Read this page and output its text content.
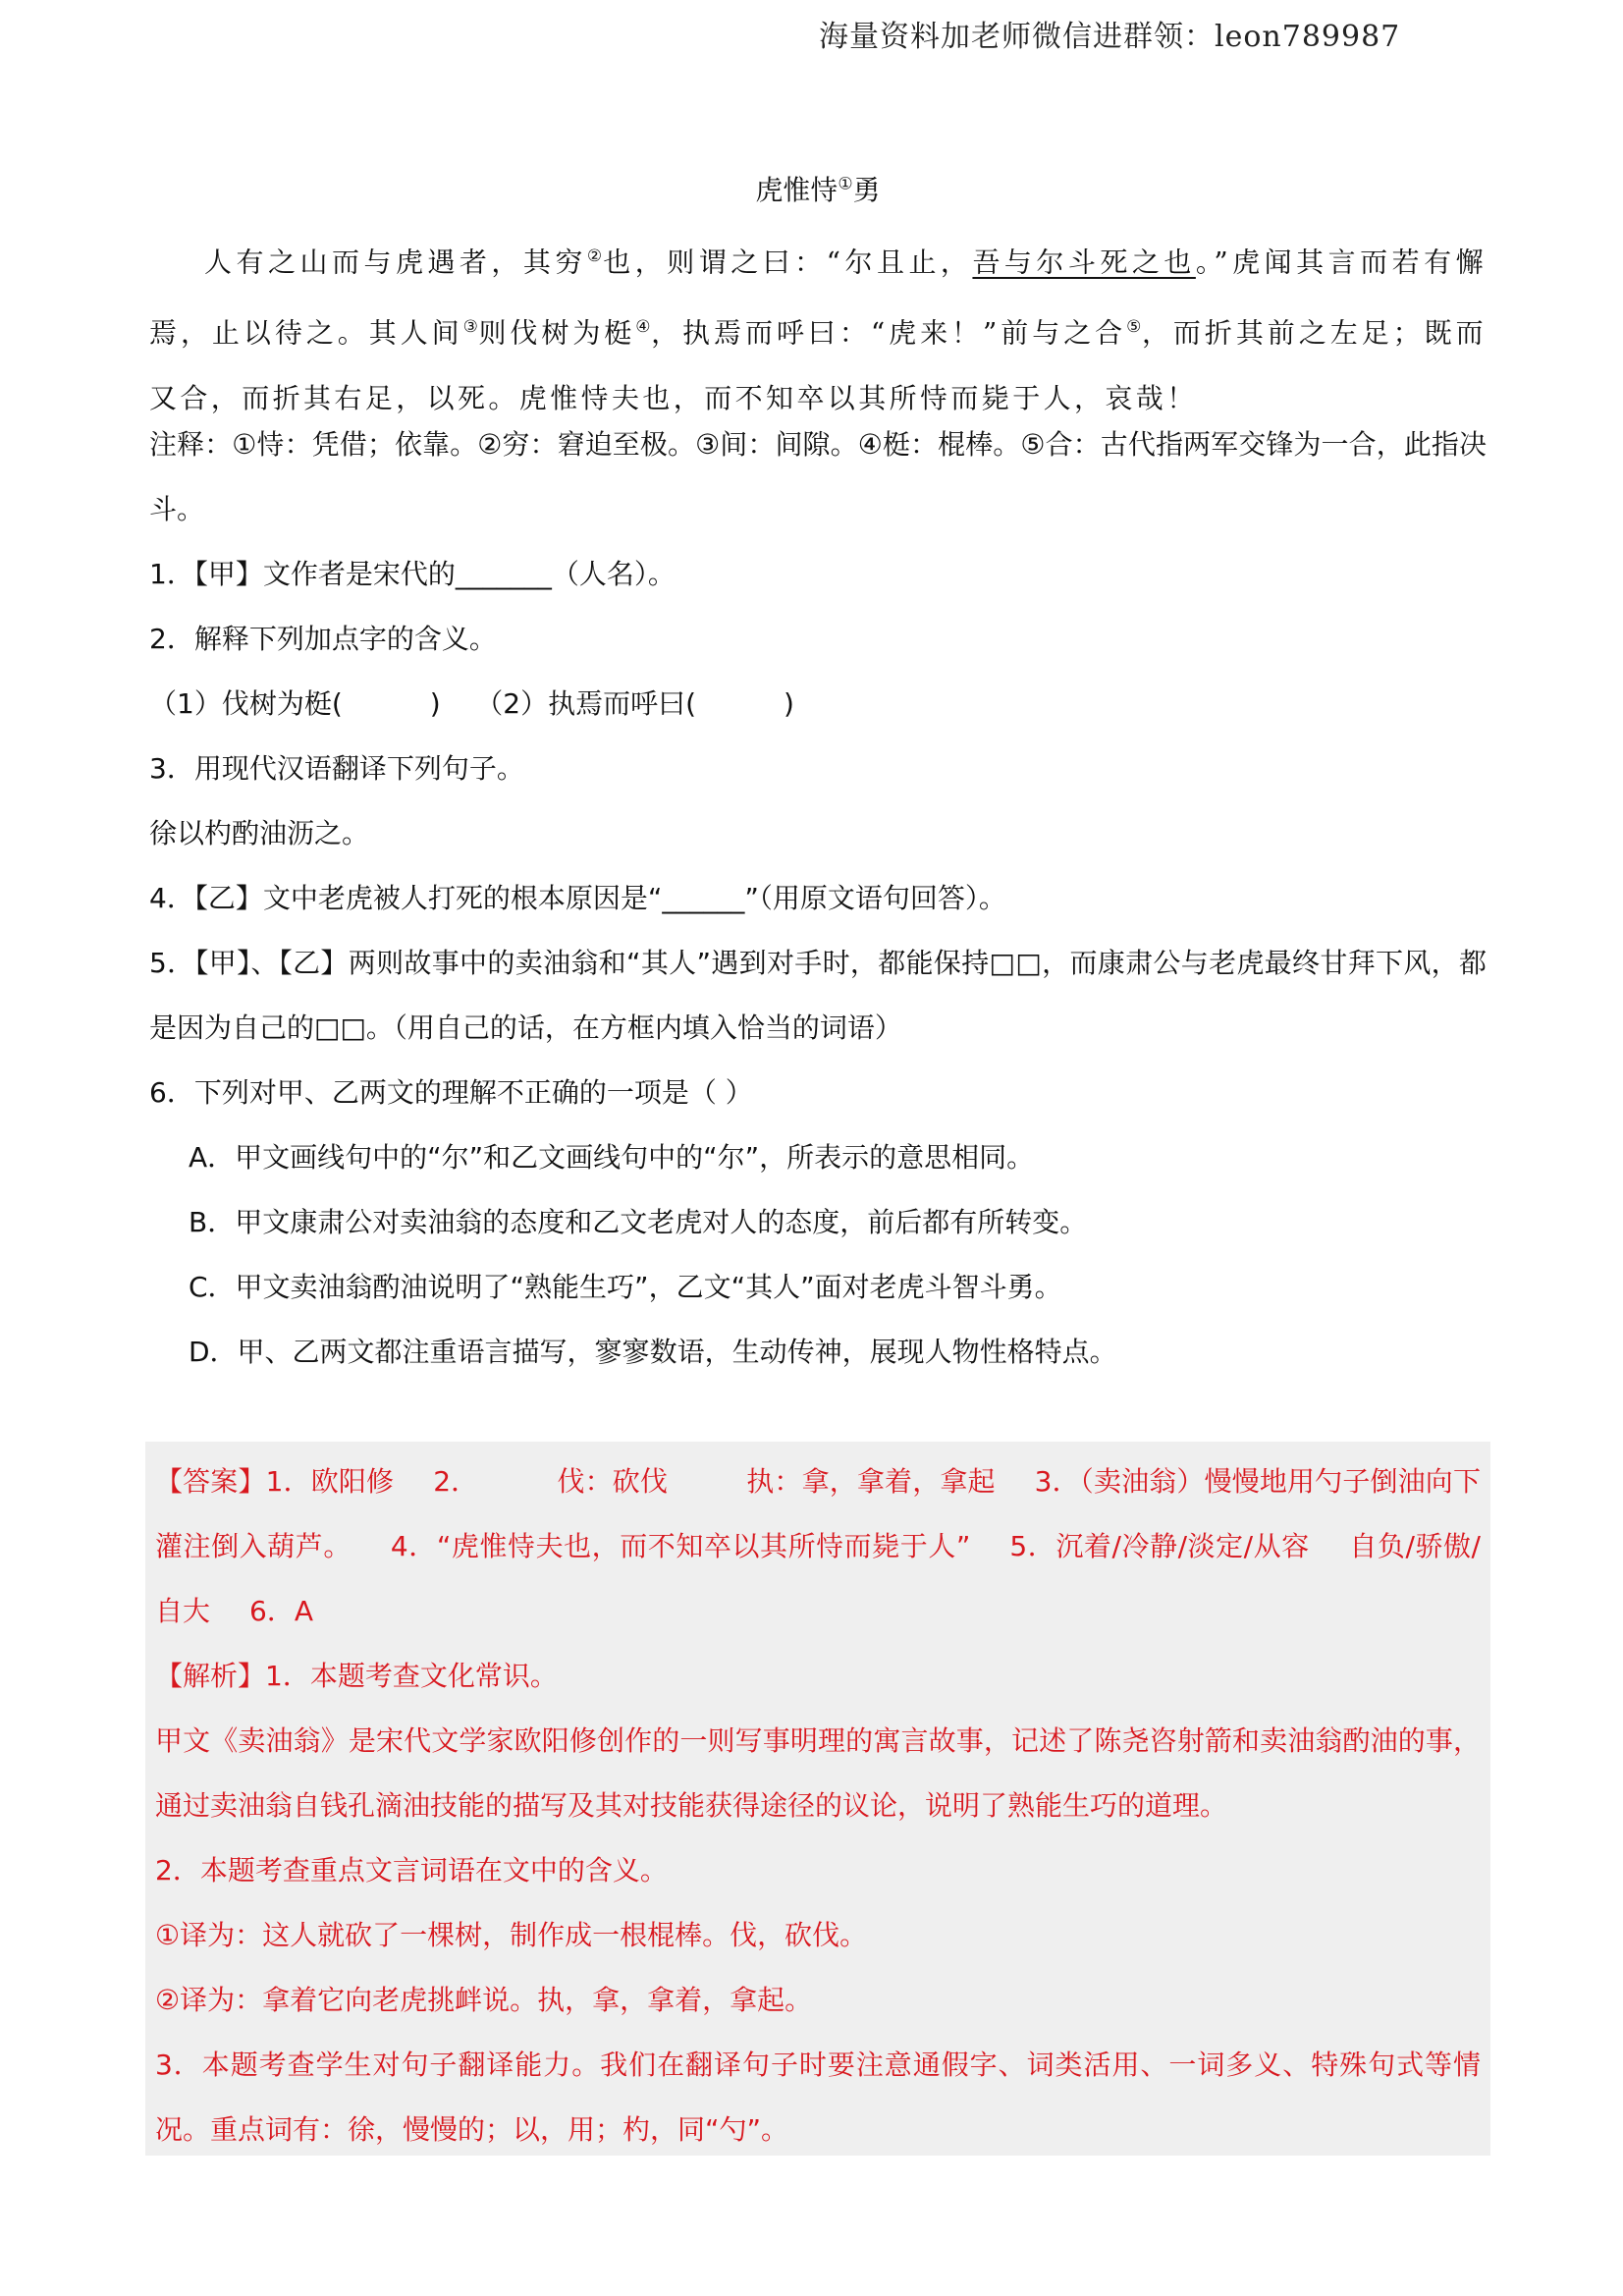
海量资料加老师微信进群领：leon789987
虎惟恃①勇
人有之山而与虎遇者，其穷②也，则谓之曰：“尔且止，吾与尔斗死之也。”虎闻其言而若有懈焉，止以待之。其人间③则伐树为梃④，执焉而呼曰：“虎来！”前与之合⑤，而折其前之左足；既而又合，而折其右足，以死。虎惟恃夫也，而不知卒以其所恃而毙于人，哀哉！
注释：①恃：凭借；依靠。②穷：窘迫至极。③间：间隙。④梃：棍棒。⑤合：古代指两军交锋为一合，此指决斗。
1．【甲】文作者是宋代的_______（人名）。
2．解释下列加点字的含义。
（1）伐树为梃(          )    （2）执焉而呼曰(          )
3．用现代汉语翻译下列句子。
徐以杓酌油沥之。
4．【乙】文中老虎被人打死的根本原因是“______”（用原文语句回答）。
5．【甲】、【乙】两则故事中的卖油翁和“其人”遇到对手时，都能保持□□，而康肃公与老虎最终甘拜下风，都是因为自己的□□。（用自己的话，在方框内填入恰当的词语）
6．下列对甲、乙两文的理解不正确的一项是（ ）
A．甲文画线句中的“尔”和乙文画线句中的“尔”，所表示的意思相同。
B．甲文康肃公对卖油翁的态度和乙文老虎对人的态度，前后都有所转变。
C．甲文卖油翁酌油说明了“熟能生巧”，乙文“其人”面对老虎斗智斗勇。
D．甲、乙两文都注重语言描写，寥寥数语，生动传神，展现人物性格特点。
【答案】1．欧阳修 2．	伐：砍伐	执：拿，拿着，拿起 3．（卖油翁）慢慢地用勺子倒油向下灌注倒入葫芦。 4．“虎惟恃夫也，而不知卒以其所恃而毙于人” 5．沉着/冷静/淡定/从容 自负/骄傲/自大 6．A
【解析】1．本题考查文化常识。
甲文《卖油翁》是宋代文学家欧阳修创作的一则写事明理的寓言故事，记述了陈尧咨射箭和卖油翁酌油的事，通过卖油翁自钱孔滴油技能的描写及其对技能获得途径的议论，说明了熟能生巧的道理。
2．本题考查重点文言词语在文中的含义。
①译为：这人就砍了一棵树，制作成一根棍棒。伐，砍伐。
②译为：拿着它向老虎挑衅说。执，拿，拿着，拿起。
3．本题考查学生对句子翻译能力。我们在翻译句子时要注意通假字、词类活用、一词多义、特殊句式等情况。重点词有：徐，慢慢的；以，用；杓，同“勺”。
